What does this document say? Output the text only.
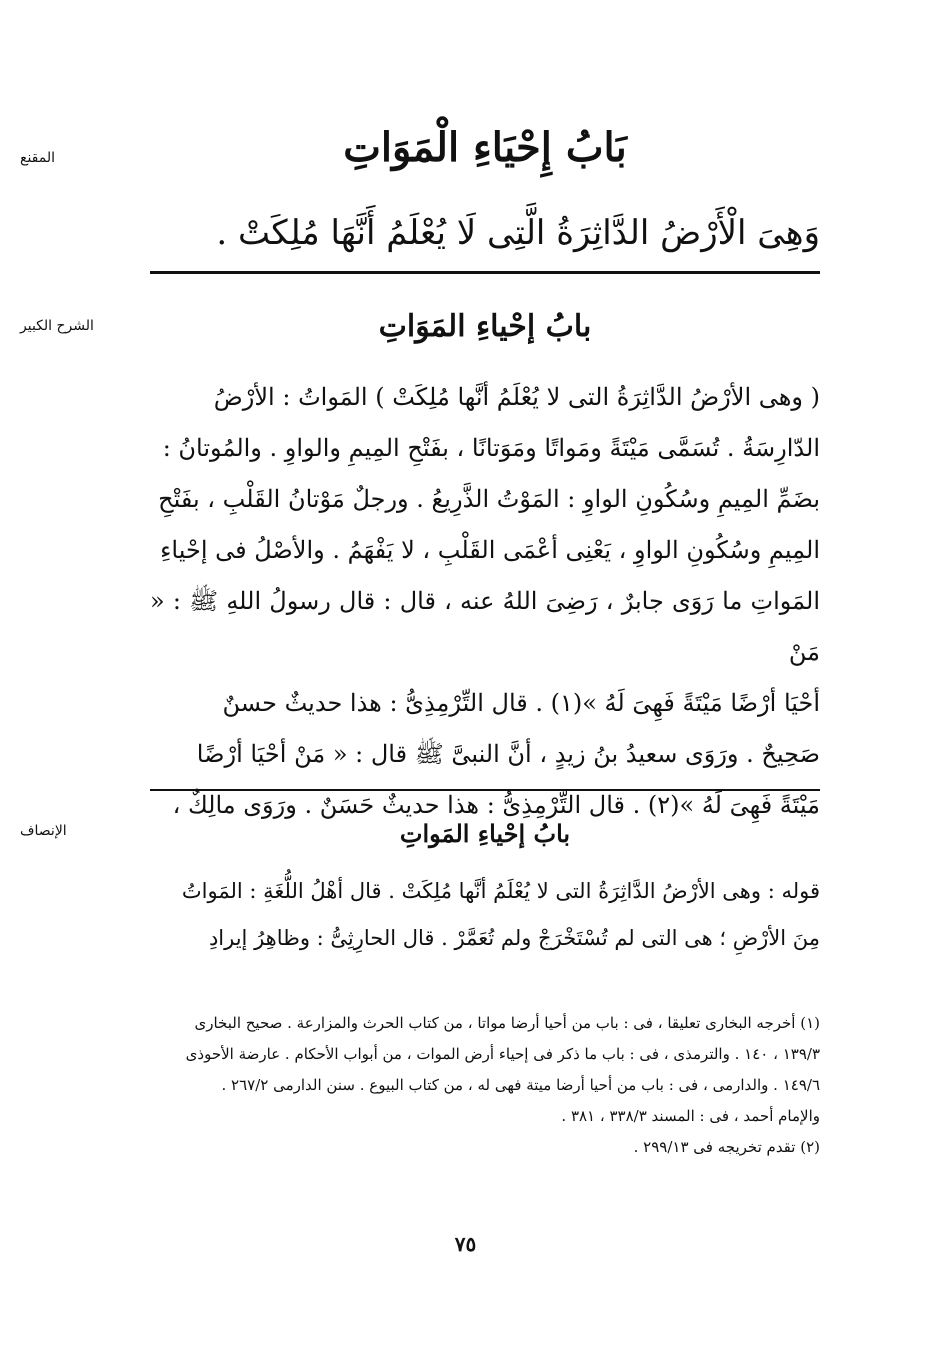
المقنع	بَابُ إِحْيَاءِ الْمَوَاتِ
وَهِىَ الْأَرْضُ الدَّاثِرَةُ الَّتِى لَا يُعْلَمُ أَنَّهَا مُلِكَتْ .
الشرح الكبير	بابُ إحْياءِ المَوَاتِ
( وهى الأرْضُ الدَّاثِرَةُ التى لا يُعْلَمُ أنَّها مُلِكَتْ ) المَواتُ : الأرْضُ
الدّارِسَةُ . تُسَمَّى مَيْتَةً ومَواتًا ومَوَتانًا ، بفَتْحِ المِيمِ والواوِ . والمُوتانُ :
بضَمِّ المِيمِ وسُكُونِ الواوِ : المَوْتُ الذَّرِيعُ . ورجلٌ مَوْتانُ القَلْبِ ، بفَتْحِ
المِيمِ وسُكُونِ الواوِ ، يَعْنِى أعْمَى القَلْبِ ، لا يَفْهَمُ . والأصْلُ فى إحْياءِ
المَواتِ ما رَوَى جابرٌ ، رَضِىَ اللهُ عنه ، قال : قال رسولُ اللهِ ﷺ : « مَنْ
أحْيَا أرْضًا مَيْتَةً فَهِىَ لَهُ »(١) . قال التِّرْمِذِىُّ : هذا حديثٌ حسنٌ
صَحِيحٌ . ورَوَى سعيدُ بنُ زيدٍ ، أنَّ النبىَّ ﷺ قال : « مَنْ أحْيَا أرْضًا
مَيْتَةً فَهِىَ لَهُ »(٢) . قال التِّرْمِذِىُّ : هذا حديثٌ حَسَنٌ . ورَوَى مالِكٌ ،
الإنصاف	بابُ إحْياءِ المَواتِ
قوله : وهى الأرْضُ الدَّاثِرَةُ التى لا يُعْلَمُ أنَّها مُلِكَتْ . قال أهْلُ اللُّغَةِ : المَواتُ
مِنَ الأرْضِ ؛ هى التى لم تُسْتَخْرَجْ ولم تُعَمَّرْ . قال الحارِثِىُّ : وظاهِرُ إيرادِ
(١) أخرجه البخارى تعليقا ، فى : باب من أحيا أرضا مواتا ، من كتاب الحرث والمزارعة . صحيح البخارى
١٣٩/٣ ، ١٤٠ . والترمذى ، فى : باب ما ذكر فى إحياء أرض الموات ، من أبواب الأحكام . عارضة الأحوذى
١٤٩/٦ . والدارمى ، فى : باب من أحيا أرضا ميتة فهى له ، من كتاب البيوع . سنن الدارمى ٢٦٧/٢ .
والإمام أحمد ، فى : المسند ٣٣٨/٣ ، ٣٨١ .
(٢) تقدم تخريجه فى ٢٩٩/١٣ .
٧٥
